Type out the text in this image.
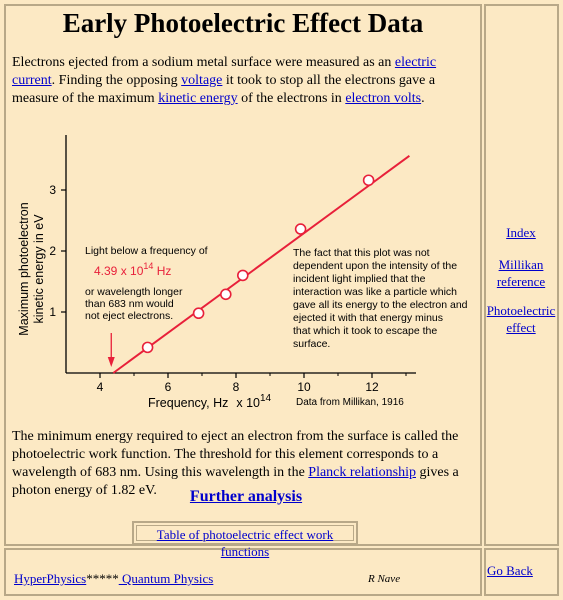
Early Photoelectric Effect Data
Electrons ejected from a sodium metal surface were measured as an electric current. Finding the opposing voltage it took to stop all the electrons gave a measure of the maximum kinetic energy of the electrons in electron volts.
4	6	8	10	12
1
2
3
Maximum photoelectron kinetic energy in eV
Frequency, Hz x $10^{14}$ Data from Millikan, 1916
Light below a frequency of
4.39 x $10^{14}$ Hz
or wavelength longer
than 683 nm would
not eject electrons.
The fact that this plot was not
dependent upon the intensity of the
incident light implied that the
interaction was like a particle which
gave all its energy to the electron and
ejected it with that energy minus
that which it took to escape the
surface.
The minimum energy required to eject an electron from the surface is called the photoelectric work function. The threshold for this element corresponds to a wavelength of 683 nm. Using this wavelength in the Planck relationship gives a photon energy of 1.82 eV.	Further analysis
Table of photoelectric effect work functions
Index
Millikan
reference
Photoelectric
effect
HyperPhysics***** Quantum Physics	R Nave
Go Back
